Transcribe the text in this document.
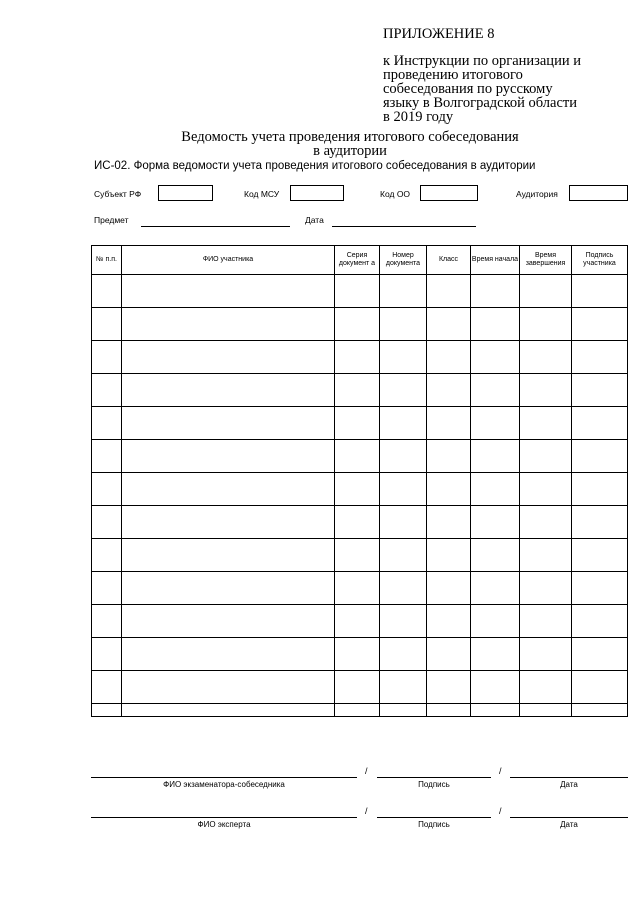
ПРИЛОЖЕНИЕ 8
к Инструкции по организации и
проведению итогового
собеседования по русскому
языку в Волгоградской области
в 2019 году
Ведомость учета проведения итогового собеседования
в аудитории
ИС-02. Форма ведомости учета проведения итогового собеседования в аудитории
Субъект РФ	Код МСУ	Код ОО	Аудитория
Предмет	Дата
№ п.п.	ФИО участника	Серия документ а	Номер документа	Класс	Время начала	Время завершения	Подпись участника

/	/
ФИО экзаменатора-собеседника	Подпись	Дата
/	/
ФИО эксперта	Подпись	Дата
